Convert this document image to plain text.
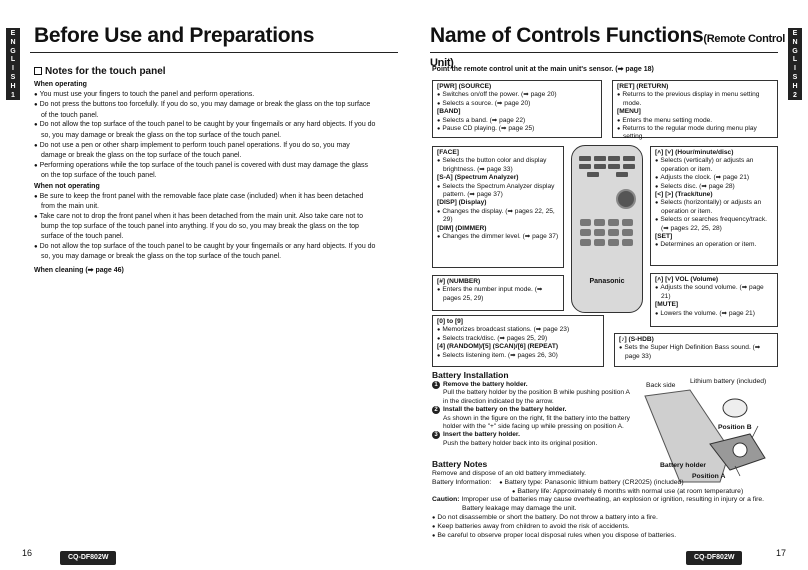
E
N
G
L
I
S
H
1
Before Use and Preparations
Notes for the touch panel
When operating
● You must use your fingers to touch the panel and perform operations.
● Do not press the buttons too forcefully. If you do so, you may damage or break the glass on the top surface of the touch panel.
● Do not allow the top surface of the touch panel to be caught by your fingernails or any hard objects. If you do so, you may damage or break the glass on the top surface of the touch panel.
● Do not use a pen or other sharp implement to perform touch panel operations. If you do so, you may damage or break the glass on the top surface of the touch panel.
● Performing operations while the top surface of the touch panel is covered with dust may damage the glass on the top surface of the touch panel.
When not operating
● Be sure to keep the front panel with the removable face plate case (included) when it has been detached from the main unit.
● Take care not to drop the front panel when it has been detached from the main unit. Also take care not to bump the top surface of the touch panel into anything. If you do so, you may break the glass on the top surface of the touch panel.
● Do not allow the top surface of the touch panel to be caught by your fingernails or any hard objects. If you do so, you may damage or break the glass on the top surface of the touch panel.
When cleaning (➡ page 46)
16	CQ-DF802W
E
N
G
L
I
S
H
2
Name of Controls Functions(Remote Control Unit)
17
CQ-DF802W
Point the remote control unit at the main unit's sensor. (➡ page 18)
[PWR] (SOURCE)
● Switches on/off the power. (➡ page 20)
● Selects a source. (➡ page 20)
[BAND]
● Selects a band. (➡ page 22)
● Pause CD playing. (➡ page 25)
[RET] (RETURN)
● Returns to the previous display in menu setting mode.
[MENU]
● Enters the menu setting mode.
● Returns to the regular mode during menu play setting.
[FACE]
● Selects the button color and display brightness. (➡ page 33)
[S-A] (Spectrum Analyzer)
● Selects the Spectrum Analyzer display pattern. (➡ page 37)
[DISP] (Display)
● Changes the display. (➡ pages 22, 25, 29)
[DIM] (DIMMER)
● Changes the dimmer level. (➡ page 37)
Panasonic
[˄] [˅] (Hour/minute/disc)
● Selects (vertically) or adjusts an operation or item.
● Adjusts the clock. (➡ page 21)
● Selects disc. (➡ page 28)
[˂] [˃] (Track/tune)
● Selects (horizontally) or adjusts an operation or item.
● Selects or searches frequency/track. (➡ pages 22, 25, 28)
[SET]
● Determines an operation or item.
[#] (NUMBER)
● Enters the number input mode. (➡ pages 25, 29)
[˄] [˅] VOL (Volume)
● Adjusts the sound volume. (➡ page 21)
[MUTE]
● Lowers the volume. (➡ page 21)
[0] to [9]
● Memorizes broadcast stations. (➡ page 23)
● Selects track/disc. (➡ pages 25, 29)
[4] (RANDOM)/[5] (SCAN)/[6] (REPEAT)
● Selects listening item. (➡ pages 26, 30)
[♪] (S-HDB)
● Sets the Super High Definition Bass sound. (➡ page 33)
Battery Installation
1 Remove the battery holder.
Pull the battery holder by the position B while pushing position A in the direction indicated by the arrow.
2 Install the battery on the battery holder.
As shown in the figure on the right, fit the battery into the battery holder with the "+" side facing up while pressing on position A.
3 Insert the battery holder.
Push the battery holder back into its original position.
Back side
Lithium battery (included)
Position B
Battery holder
Position A
Battery Notes
Remove and dispose of an old battery immediately.
Battery Information: ● Battery type: Panasonic lithium battery (CR2025) (included)
● Battery life: Approximately 6 months with normal use (at room temperature)
Caution: Improper use of batteries may cause overheating, an explosion or ignition, resulting in injury or a fire. Battery leakage may damage the unit.
● Do not disassemble or short the battery. Do not throw a battery into a fire.
● Keep batteries away from children to avoid the risk of accidents.
● Be careful to observe proper local disposal rules when you dispose of batteries.
